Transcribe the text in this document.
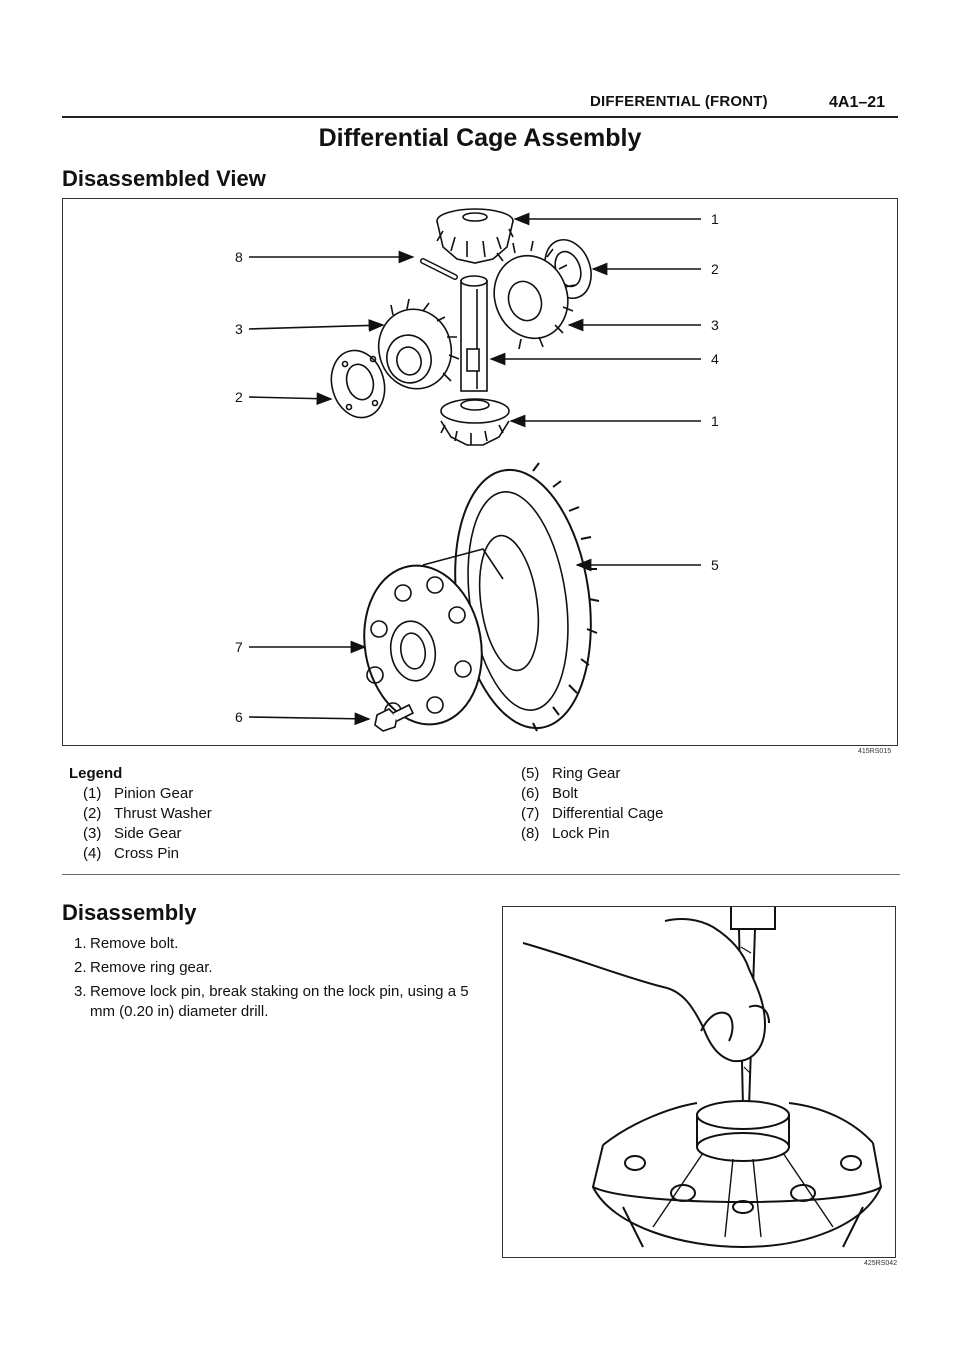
DIFFERENTIAL (FRONT)	4A1–21
Differential Cage Assembly
Disassembled View
8
3
2
7
6
1
2
3
4
1
5
415RS015
Legend
(1) Pinion Gear
(2) Thrust Washer
(3) Side Gear
(4) Cross Pin
(5) Ring Gear
(6) Bolt
(7) Differential Cage
(8) Lock Pin
Disassembly
1. Remove bolt.
2. Remove ring gear.
3. Remove lock pin, break staking on the lock pin, using a 5 mm (0.20 in) diameter drill.
425RS042
